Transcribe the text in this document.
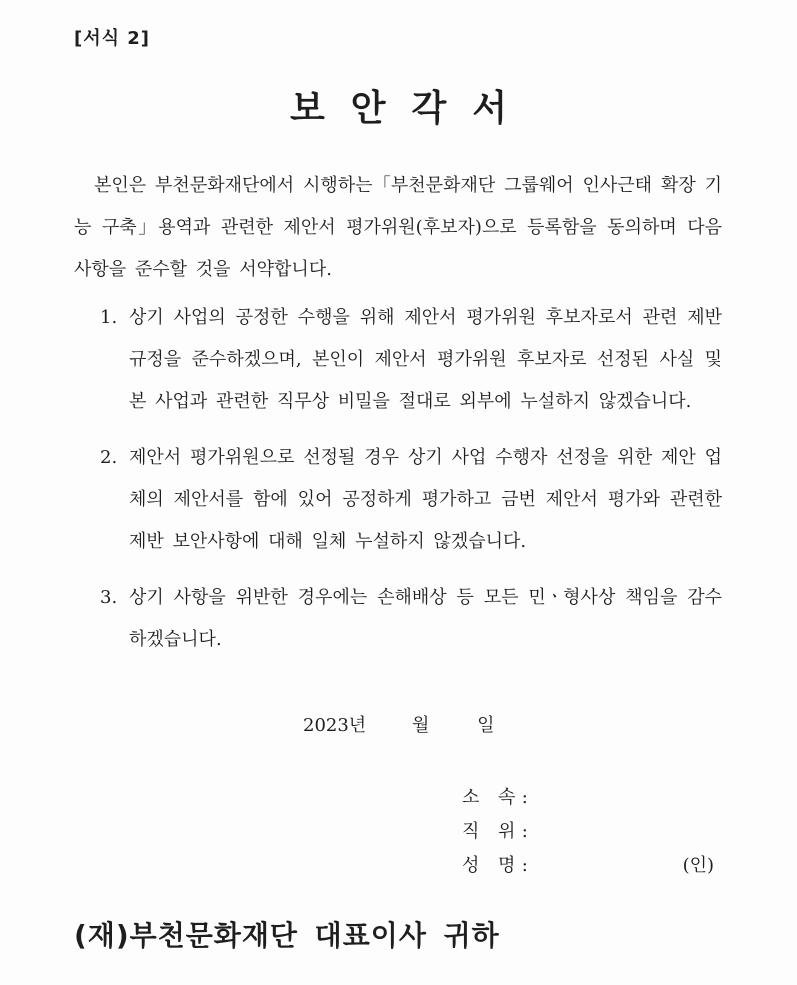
[서식 2]
보안각서

본인은 부천문화재단에서 시행하는「부천문화재단 그룹웨어 인사근태 확장 기능 구축」용역과 관련한 제안서 평가위원(후보자)으로 등록함을 동의하며 다음 사항을 준수할 것을 서약합니다.

1. 상기 사업의 공정한 수행을 위해 제안서 평가위원 후보자로서 관련 제반규정을 준수하겠으며, 본인이 제안서 평가위원 후보자로 선정된 사실 및 본 사업과 관련한 직무상 비밀을 절대로 외부에 누설하지 않겠습니다.
2. 제안서 평가위원으로 선정될 경우 상기 사업 수행자 선정을 위한 제안 업체의 제안서를 함에 있어 공정하게 평가하고 금번 제안서 평가와 관련한 제반 보안사항에 대해 일체 누설하지 않겠습니다.
3. 상기 사항을 위반한 경우에는 손해배상 등 모든 민ㆍ형사상 책임을 감수하겠습니다.
2023년	월	일
소 속 :
직 위 :
성 명 :	(인)
(재)부천문화재단 대표이사 귀하
